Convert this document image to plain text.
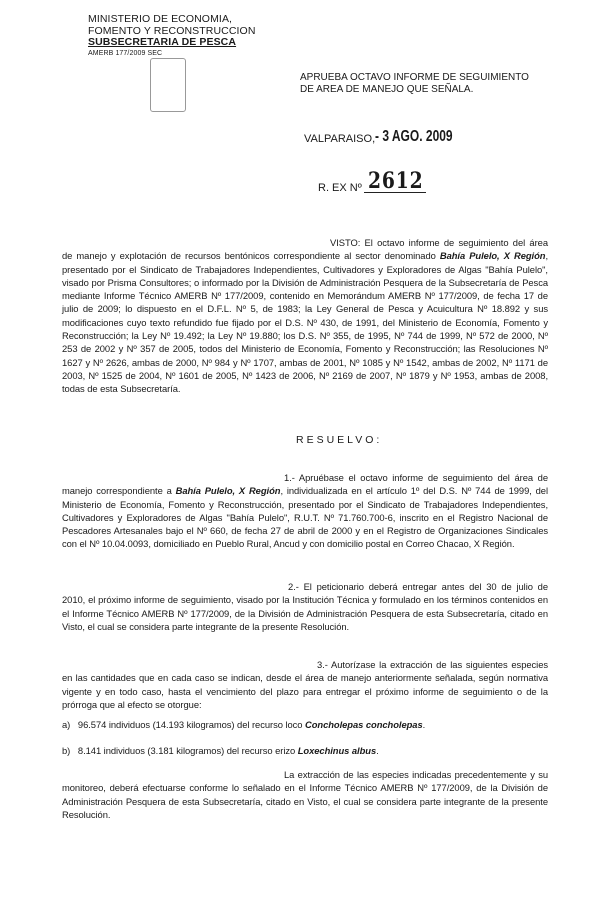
MINISTERIO DE ECONOMIA,
FOMENTO Y RECONSTRUCCION
SUBSECRETARIA DE PESCA
AMERB 177/2009 SEC
APRUEBA OCTAVO INFORME DE SEGUIMIENTO
DE AREA DE MANEJO QUE SEÑALA.
VALPARAISO, - 3 AGO. 2009
R. EX Nº 2612
VISTO: El octavo informe de seguimiento del área de manejo y explotación de recursos bentónicos correspondiente al sector denominado Bahía Pulelo, X Región, presentado por el Sindicato de Trabajadores Independientes, Cultivadores y Exploradores de Algas "Bahía Pulelo", visado por Prisma Consultores; o informado por la División de Administración Pesquera de la Subsecretaría de Pesca mediante Informe Técnico AMERB Nº 177/2009, contenido en Memorándum AMERB Nº 177/2009, de fecha 17 de julio de 2009; lo dispuesto en el D.F.L. Nº 5, de 1983; la Ley General de Pesca y Acuicultura Nº 18.892 y sus modificaciones cuyo texto refundido fue fijado por el D.S. Nº 430, de 1991, del Ministerio de Economía, Fomento y Reconstrucción; la Ley Nº 19.492; la Ley Nº 19.880; los D.S. Nº 355, de 1995, Nº 744 de 1999, Nº 572 de 2000, Nº 253 de 2002 y Nº 357 de 2005, todos del Ministerio de Economía, Fomento y Reconstrucción; las Resoluciones Nº 1627 y Nº 2626, ambas de 2000, Nº 984 y Nº 1707, ambas de 2001, Nº 1085 y Nº 1542, ambas de 2002, Nº 1171 de 2003, Nº 1525 de 2004, Nº 1601 de 2005, Nº 1423 de 2006, Nº 2169 de 2007, Nº 1879 y Nº 1953, ambas de 2008, todas de esta Subsecretaría.
RESUELVO:
1.- Apruébase el octavo informe de seguimiento del área de manejo correspondiente a Bahía Pulelo, X Región, individualizada en el artículo 1º del D.S. Nº 744 de 1999, del Ministerio de Economía, Fomento y Reconstrucción, presentado por el Sindicato de Trabajadores Independientes, Cultivadores y Exploradores de Algas "Bahía Pulelo", R.U.T. Nº 71.760.700-6, inscrito en el Registro Nacional de Pescadores Artesanales bajo el Nº 660, de fecha 27 de abril de 2000 y en el Registro de Organizaciones Sindicales con el Nº 10.04.0093, domiciliado en Pueblo Rural, Ancud y con domicilio postal en Correo Chacao, X Región.
2.- El peticionario deberá entregar antes del 30 de julio de 2010, el próximo informe de seguimiento, visado por la Institución Técnica y formulado en los términos contenidos en el Informe Técnico AMERB Nº 177/2009, de la División de Administración Pesquera de esta Subsecretaría, citado en Visto, el cual se considera parte integrante de la presente Resolución.
3.- Autorízase la extracción de las siguientes especies en las cantidades que en cada caso se indican, desde el área de manejo anteriormente señalada, según normativa vigente y en todo caso, hasta el vencimiento del plazo para entregar el próximo informe de seguimiento o de la prórroga que al efecto se otorgue:
a) 96.574 individuos (14.193 kilogramos) del recurso loco Concholepas concholepas.
b) 8.141 individuos (3.181 kilogramos) del recurso erizo Loxechinus albus.
La extracción de las especies indicadas precedentemente y su monitoreo, deberá efectuarse conforme lo señalado en el Informe Técnico AMERB Nº 177/2009, de la División de Administración Pesquera de esta Subsecretaría, citado en Visto, el cual se considera parte integrante de la presente Resolución.
